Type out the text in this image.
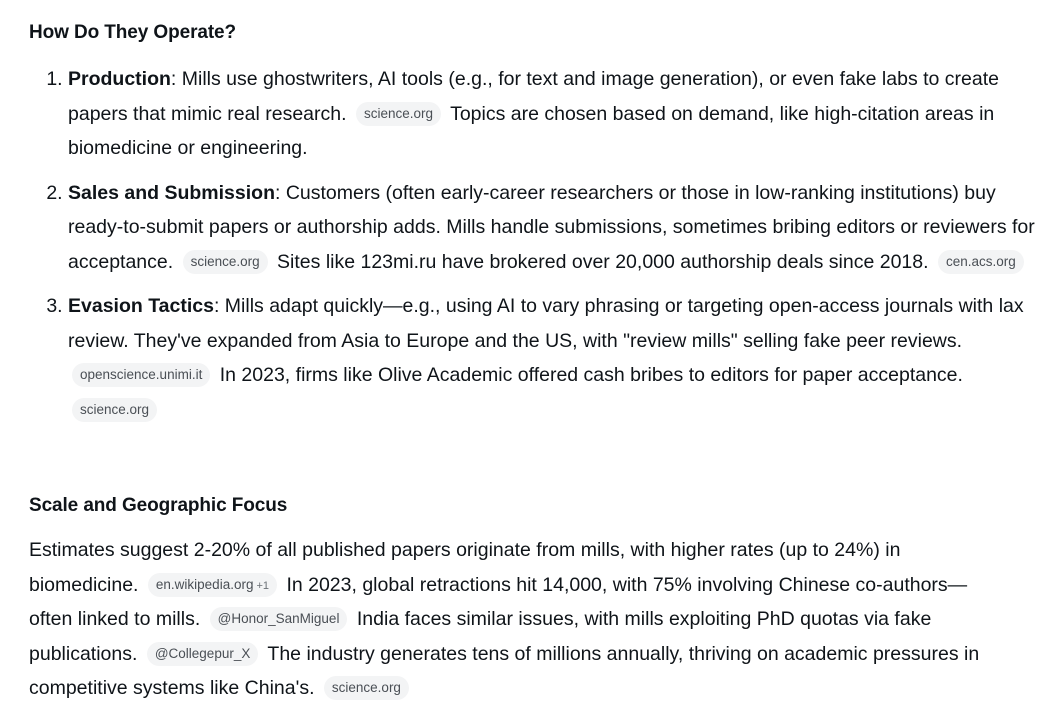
How Do They Operate?
1. Production: Mills use ghostwriters, AI tools (e.g., for text and image generation), or even fake labs to create papers that mimic real research. science.org Topics are chosen based on demand, like high-citation areas in biomedicine or engineering.
2. Sales and Submission: Customers (often early-career researchers or those in low-ranking institutions) buy ready-to-submit papers or authorship adds. Mills handle submissions, sometimes bribing editors or reviewers for acceptance. science.org Sites like 123mi.ru have brokered over 20,000 authorship deals since 2018. cen.acs.org
3. Evasion Tactics: Mills adapt quickly—e.g., using AI to vary phrasing or targeting open-access journals with lax review. They've expanded from Asia to Europe and the US, with "review mills" selling fake peer reviews. openscience.unimi.it In 2023, firms like Olive Academic offered cash bribes to editors for paper acceptance. science.org
Scale and Geographic Focus

Estimates suggest 2-20% of all published papers originate from mills, with higher rates (up to 24%) in biomedicine. en.wikipedia.org +1 In 2023, global retractions hit 14,000, with 75% involving Chinese co-authors—often linked to mills. @Honor_SanMiguel India faces similar issues, with mills exploiting PhD quotas via fake publications. @Collegepur_X The industry generates tens of millions annually, thriving on academic pressures in competitive systems like China's. science.org
